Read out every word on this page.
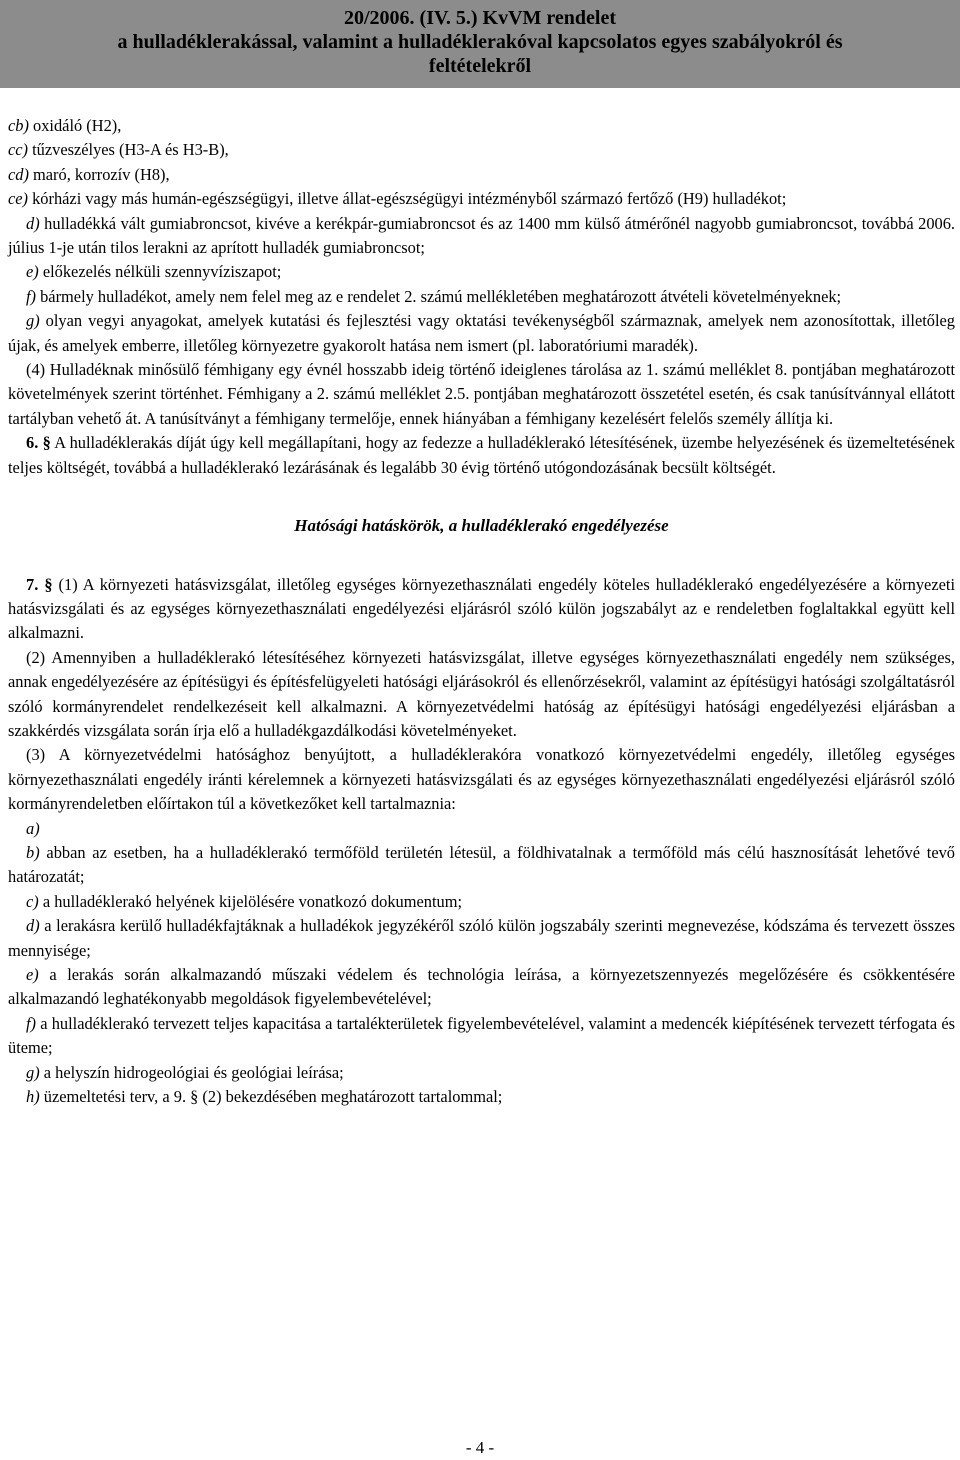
20/2006. (IV. 5.) KvVM rendelet
a hulladéklerakással, valamint a hulladéklerakóval kapcsolatos egyes szabályokról és
feltételekről

cb) oxidáló (H2),

cc) tűzveszélyes (H3-A és H3-B),

cd) maró, korrozív (H8),

ce) kórházi vagy más humán-egészségügyi, illetve állat-egészségügyi intézményből származó fertőző (H9) hulladékot;

d) hulladékká vált gumiabroncsot, kivéve a kerékpár-gumiabroncsot és az 1400 mm külső átmérőnél nagyobb gumiabroncsot, továbbá 2006. július 1-je után tilos lerakni az aprított hulladék gumiabroncsot;

e) előkezelés nélküli szennyvíziszapot;

f) bármely hulladékot, amely nem felel meg az e rendelet 2. számú mellékletében meghatározott átvételi követelményeknek;

g) olyan vegyi anyagokat, amelyek kutatási és fejlesztési vagy oktatási tevékenységből származnak, amelyek nem azonosítottak, illetőleg újak, és amelyek emberre, illetőleg környezetre gyakorolt hatása nem ismert (pl. laboratóriumi maradék).

(4) Hulladéknak minősülő fémhigany egy évnél hosszabb ideig történő ideiglenes tárolása az 1. számú melléklet 8. pontjában meghatározott követelmények szerint történhet. Fémhigany a 2. számú melléklet 2.5. pontjában meghatározott összetétel esetén, és csak tanúsítvánnyal ellátott tartályban vehető át. A tanúsítványt a fémhigany termelője, ennek hiányában a fémhigany kezelésért felelős személy állítja ki.

6. § A hulladéklerakás díját úgy kell megállapítani, hogy az fedezze a hulladéklerakó létesítésének, üzembe helyezésének és üzemeltetésének teljes költségét, továbbá a hulladéklerakó lezárásának és legalább 30 évig történő utógondozásának becsült költségét.

Hatósági hatáskörök, a hulladéklerakó engedélyezése

7. § (1) A környezeti hatásvizsgálat, illetőleg egységes környezethasználati engedély köteles hulladéklerakó engedélyezésére a környezeti hatásvizsgálati és az egységes környezethasználati engedélyezési eljárásról szóló külön jogszabályt az e rendeletben foglaltakkal együtt kell alkalmazni.

(2) Amennyiben a hulladéklerakó létesítéséhez környezeti hatásvizsgálat, illetve egységes környezethasználati engedély nem szükséges, annak engedélyezésére az építésügyi és építésfelügyeleti hatósági eljárásokról és ellenőrzésekről, valamint az építésügyi hatósági szolgáltatásról szóló kormányrendelet rendelkezéseit kell alkalmazni. A környezetvédelmi hatóság az építésügyi hatósági engedélyezési eljárásban a szakkérdés vizsgálata során írja elő a hulladékgazdálkodási követelményeket.

(3) A környezetvédelmi hatósághoz benyújtott, a hulladéklerakóra vonatkozó környezetvédelmi engedély, illetőleg egységes környezethasználati engedély iránti kérelemnek a környezeti hatásvizsgálati és az egységes környezethasználati engedélyezési eljárásról szóló kormányrendeletben előírtakon túl a következőket kell tartalmaznia:

a)

b) abban az esetben, ha a hulladéklerakó termőföld területén létesül, a földhivatalnak a termőföld más célú hasznosítását lehetővé tevő határozatát;

c) a hulladéklerakó helyének kijelölésére vonatkozó dokumentum;

d) a lerakásra kerülő hulladékfajtáknak a hulladékok jegyzékéről szóló külön jogszabály szerinti megnevezése, kódszáma és tervezett összes mennyisége;

e) a lerakás során alkalmazandó műszaki védelem és technológia leírása, a környezetszennyezés megelőzésére és csökkentésére alkalmazandó leghatékonyabb megoldások figyelembevételével;

f) a hulladéklerakó tervezett teljes kapacitása a tartalékterületek figyelembevételével, valamint a medencék kiépítésének tervezett térfogata és üteme;

g) a helyszín hidrogeológiai és geológiai leírása;

h) üzemeltetési terv, a 9. § (2) bekezdésében meghatározott tartalommal;

- 4 -
